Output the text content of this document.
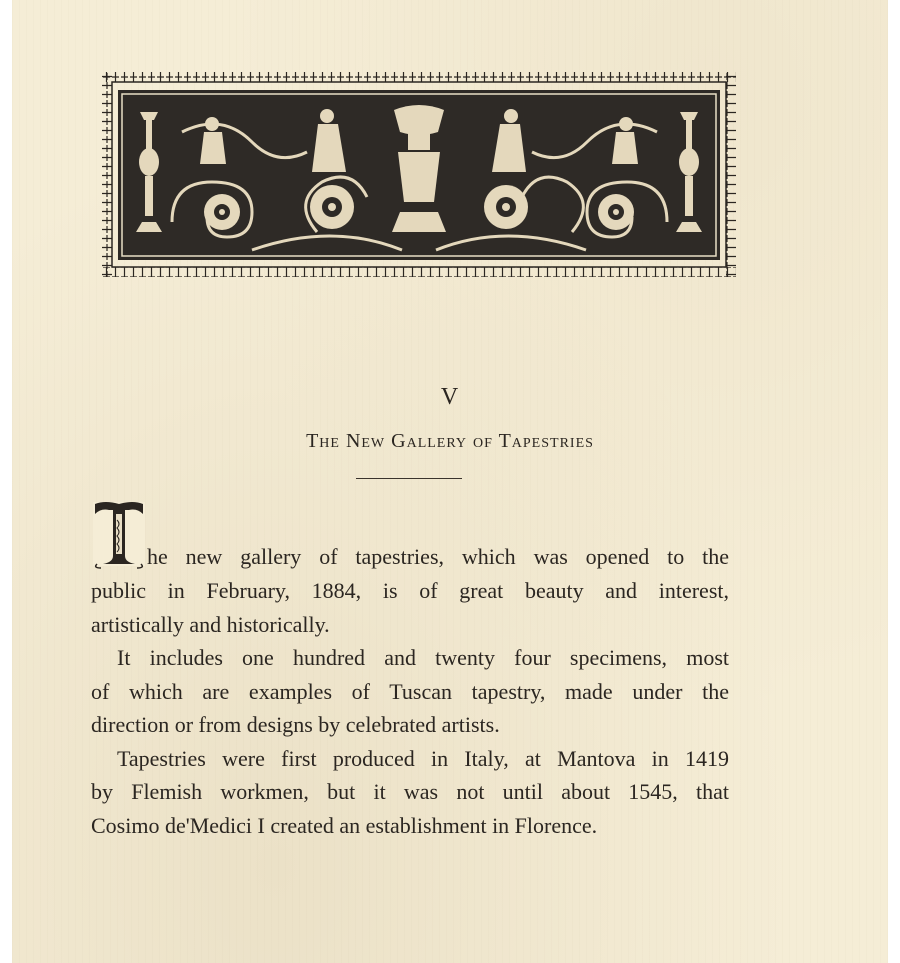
V
The New Gallery of Tapestries
he new gallery of tapestries, which was opened to the
public in February, 1884, is of great beauty and interest,
artistically and historically.
It includes one hundred and twenty four specimens, most
of which are examples of Tuscan tapestry, made under the
direction or from designs by celebrated artists.
Tapestries were first produced in Italy, at Mantova in 1419
by Flemish workmen, but it was not until about 1545, that
Cosimo de'Medici I created an establishment in Florence.
